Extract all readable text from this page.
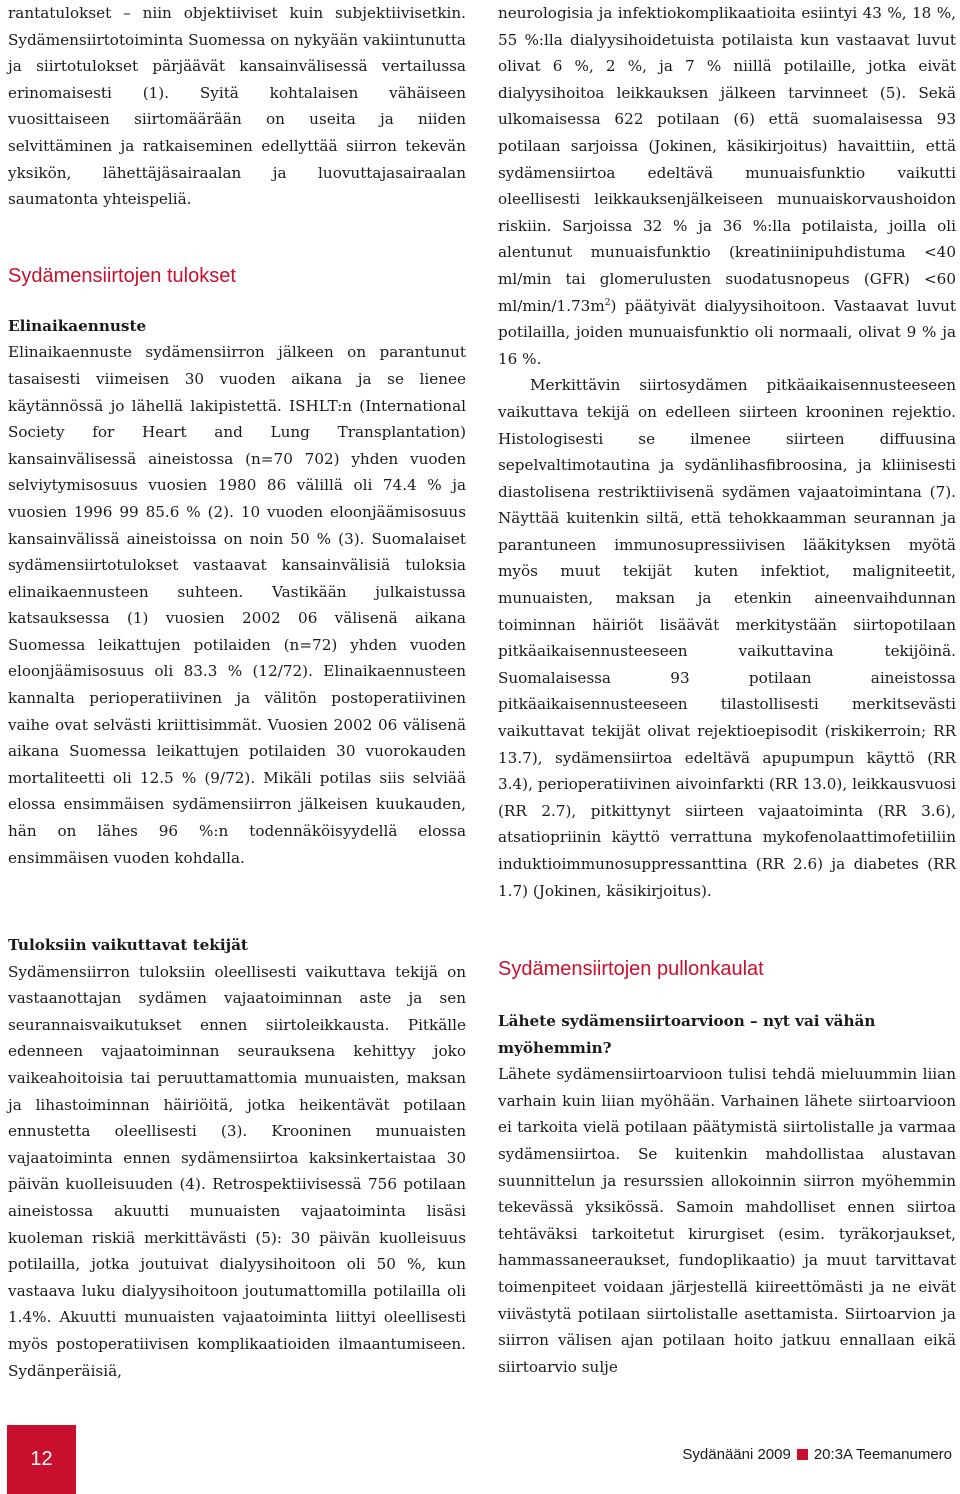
rantatulokset – niin objektiiviset kuin subjektiivisetkin. Sydämensiirtotoiminta Suomessa on nykyään vakiintunutta ja siirtotulokset pärjäävät kansainvälisessä vertailussa erinomaisesti (1). Syitä kohtalaisen vähäiseen vuosittaiseen siirtomäärään on useita ja niiden selvittäminen ja ratkaiseminen edellyttää siirron tekevän yksikön, lähettäjäsairaalan ja luovuttajasairaalan saumatonta yhteispeliä.

Sydämensiirtojen tulokset
Elinaikaennuste

Elinaikaennuste sydämensiirron jälkeen on parantunut tasaisesti viimeisen 30 vuoden aikana ja se lienee käytännössä jo lähellä lakipistettä. ISHLT:n (International Society for Heart and Lung Transplantation) kansainvälisessä aineistossa (n=70 702) yhden vuoden selviytymisosuus vuosien 1980 86 välillä oli 74.4 % ja vuosien 1996 99 85.6 % (2). 10 vuoden eloonjäämisosuus kansainvälissä aineistoissa on noin 50 % (3). Suomalaiset sydämensiirtotulokset vastaavat kansainvälisiä tuloksia elinaikaennusteen suhteen. Vastikään julkaistussa katsauksessa (1) vuosien 2002 06 välisenä aikana Suomessa leikattujen potilaiden (n=72) yhden vuoden eloonjäämisosuus oli 83.3 % (12/72). Elinaikaennusteen kannalta perioperatiivinen ja välitön postoperatiivinen vaihe ovat selvästi kriittisimmät. Vuosien 2002 06 välisenä aikana Suomessa leikattujen potilaiden 30 vuorokauden mortaliteetti oli 12.5 % (9/72). Mikäli potilas siis selviää elossa ensimmäisen sydämensiirron jälkeisen kuukauden, hän on lähes 96 %:n todennäköisyydellä elossa ensimmäisen vuoden kohdalla.

Tuloksiin vaikuttavat tekijät

Sydämensiirron tuloksiin oleellisesti vaikuttava tekijä on vastaanottajan sydämen vajaatoiminnan aste ja sen seurannaisvaikutukset ennen siirtoleikkausta. Pitkälle edenneen vajaatoiminnan seurauksena kehittyy joko vaikeahoitoisia tai peruuttamattomia munuaisten, maksan ja lihastoiminnan häiriöitä, jotka heikentävät potilaan ennustetta oleellisesti (3). Krooninen munuaisten vajaatoiminta ennen sydämensiirtoa kaksinkertaistaa 30 päivän kuolleisuuden (4). Retrospektiivisessä 756 potilaan aineistossa akuutti munuaisten vajaatoiminta lisäsi kuoleman riskiä merkittävästi (5): 30 päivän kuolleisuus potilailla, jotka joutuivat dialyysihoitoon oli 50 %, kun vastaava luku dialyysihoitoon joutumattomilla potilailla oli 1.4%. Akuutti munuaisten vajaatoiminta liittyi oleellisesti myös postoperatiivisen komplikaatioiden ilmaantumiseen. Sydänperäisiä,

neurologisia ja infektiokomplikaatioita esiintyi 43 %, 18 %, 55 %:lla dialyysihoidetuista potilaista kun vastaavat luvut olivat 6 %, 2 %, ja 7 % niillä potilaille, jotka eivät dialyysihoitoa leikkauksen jälkeen tarvinneet (5). Sekä ulkomaisessa 622 potilaan (6) että suomalaisessa 93 potilaan sarjoissa (Jokinen, käsikirjoitus) havaittiin, että sydämensiirtoa edeltävä munuaisfunktio vaikutti oleellisesti leikkauksenjälkeiseen munuaiskorvaushoidon riskiin. Sarjoissa 32 % ja 36 %:lla potilaista, joilla oli alentunut munuaisfunktio (kreatiniinipuhdistuma <40 ml/min tai glomerulusten suodatusnopeus (GFR) <60 $ml/\min/1.73m^2$) päätyivät dialyysihoitoon. Vastaavat luvut potilailla, joiden munuaisfunktio oli normaali, olivat 9 % ja 16 %.

Merkittävin siirtosydämen pitkäaikaisennusteeseen vaikuttava tekijä on edelleen siirteen krooninen rejektio. Histologisesti se ilmenee siirteen diffuusina sepelvaltimotautina ja sydänlihasfibroosina, ja kliinisesti diastolisena restriktiivisenä sydämen vajaatoimintana (7). Näyttää kuitenkin siltä, että tehokkaamman seurannan ja parantuneen immunosupressiivisen lääkityksen myötä myös muut tekijät kuten infektiot, maligniteetit, munuaisten, maksan ja etenkin aineenvaihdunnan toiminnan häiriöt lisäävät merkitystään siirtopotilaan pitkäaikaisennusteeseen vaikuttavina tekijöinä. Suomalaisessa 93 potilaan aineistossa pitkäaikaisennusteeseen tilastollisesti merkitsevästi vaikuttavat tekijät olivat rejektioepisodit (riskikerroin; RR 13.7), sydämensiirtoa edeltävä apupumpun käyttö (RR 3.4), perioperatiivinen aivoinfarkti (RR 13.0), leikkausvuosi (RR 2.7), pitkittynyt siirteen vajaatoiminta (RR 3.6), atsatiopriinin käyttö verrattuna mykofenolaattimofetiiliin induktioimmunosuppressanttina (RR 2.6) ja diabetes (RR 1.7) (Jokinen, käsikirjoitus).

Sydämensiirtojen pullonkaulat
Lähete sydämensiirtoarvioon – nyt vai vähän myöhemmin?

Lähete sydämensiirtoarvioon tulisi tehdä mieluummin liian varhain kuin liian myöhään. Varhainen lähete siirtoarvioon ei tarkoita vielä potilaan päätymistä siirtolistalle ja varmaa sydämensiirtoa. Se kuitenkin mahdollistaa alustavan suunnittelun ja resurssien allokoinnin siirron myöhemmin tekevässä yksikössä. Samoin mahdolliset ennen siirtoa tehtäväksi tarkoitetut kirurgiset (esim. tyräkorjaukset, hammassaneeraukset, fundoplikaatio) ja muut tarvittavat toimenpiteet voidaan järjestellä kiireettömästi ja ne eivät viivästytä potilaan siirtolistalle asettamista. Siirtoarvion ja siirron välisen ajan potilaan hoito jatkuu ennallaan eikä siirtoarvio sulje

12	Sydänääni 2009 20:3A Teemanumero
